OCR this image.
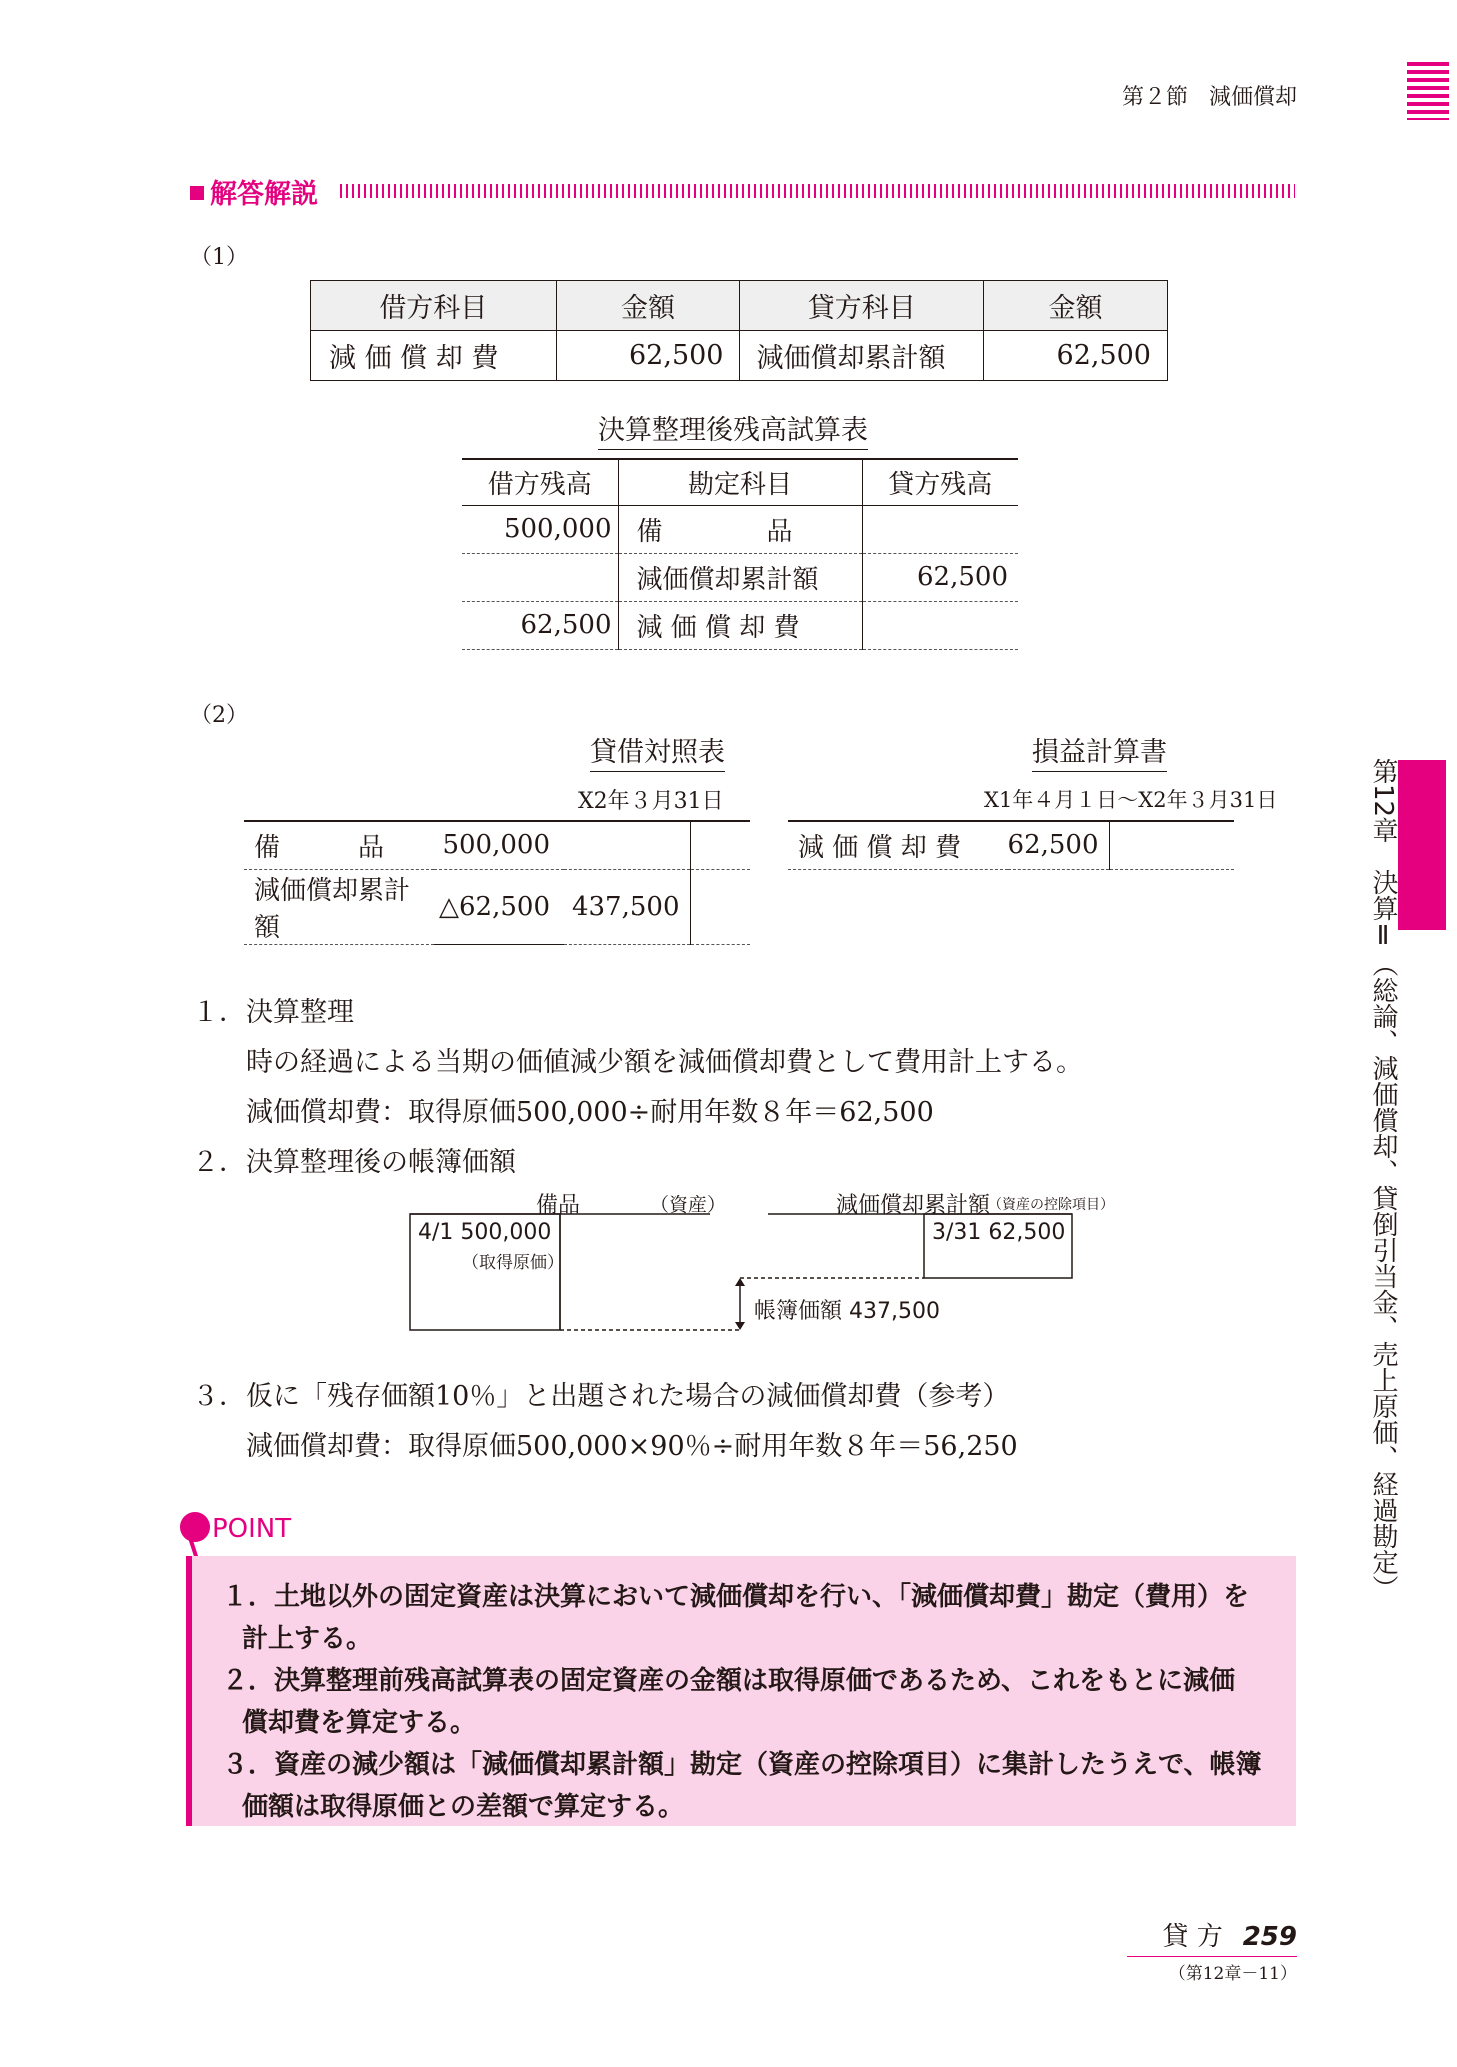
第２節 減価償却
解答解説
（1）
借方科目	金額	貸方科目	金額
減 価 償 却 費	62,500	減価償却累計額	62,500
決算整理後残高試算表
借方残高	勘定科目	貸方残高
500,000	備　　　　品	
	減価償却累計額	62,500
62,500	減 価 償 却 費	
（2）
貸借対照表
X2年３月31日
備　　　品	500,000		
減価償却累計額	△62,500	437,500	
損益計算書
X1年４月１日～X2年３月31日
減 価 償 却 費	62,500	
１．決算整理
時の経過による当期の価値減少額を減価償却費として費用計上する。
減価償却費：取得原価500,000÷耐用年数８年＝62,500
２．決算整理後の帳簿価額
備品	（資産）	減価償却累計額
（資産の控除項目）
4/1 500,000
（取得原価）
3/31 62,500
帳簿価額 437,500
３．仮に「残存価額10％」と出題された場合の減価償却費（参考）
減価償却費：取得原価500,000×90％÷耐用年数８年＝56,250
POINT
１．土地以外の固定資産は決算において減価償却を行い、「減価償却費」勘定（費用）を
計上する。
２．決算整理前残高試算表の固定資産の金額は取得原価であるため、これをもとに減価
償却費を算定する。
３．資産の減少額は「減価償却累計額」勘定（資産の控除項目）に集計したうえで、帳簿
価額は取得原価との差額で算定する。
第12章　決算Ⅱ（総論、減価償却、貸倒引当金、売上原価、経過勘定）
貸 方 259
（第12章－11）
